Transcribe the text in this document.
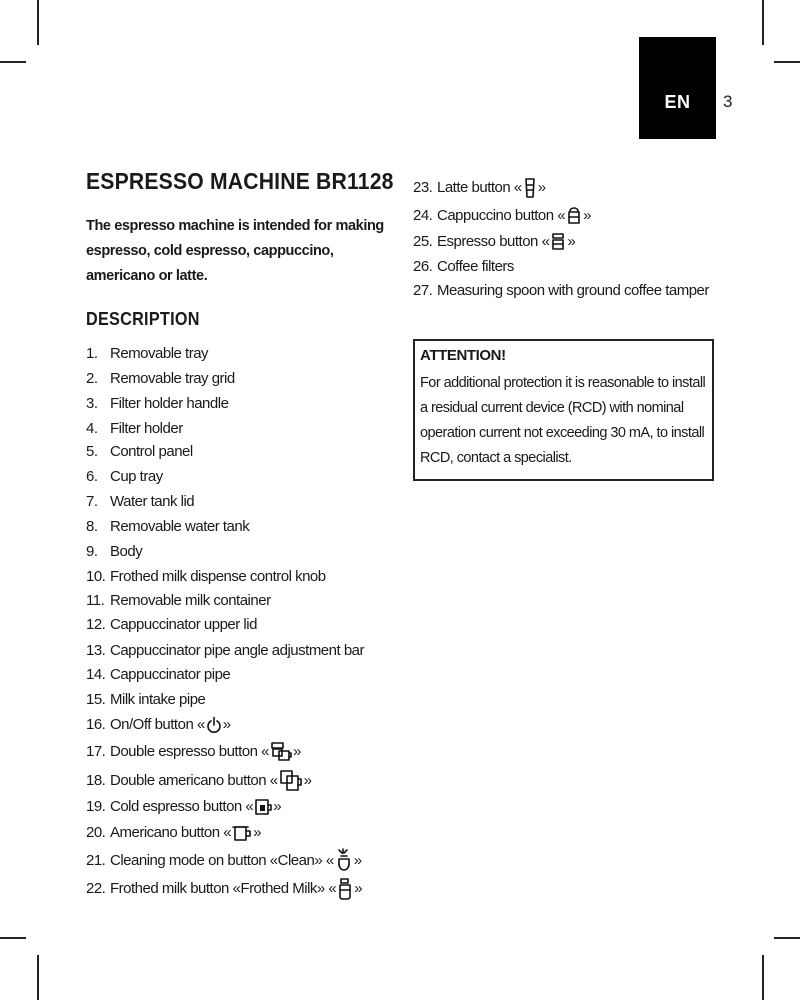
EN	3
ESPRESSO MACHINE BR1128

The espresso machine is intended for making espresso, cold espresso, cappuccino, americano or latte.

DESCRIPTION
1. Removable tray
2. Removable tray grid
3. Filter holder handle
4. Filter holder
5. Control panel
6. Cup tray
7. Water tank lid
8. Removable water tank
9. Body
10. Frothed milk dispense control knob
11. Removable milk container
12. Cappuccinator upper lid
13. Cappuccinator pipe angle adjustment bar
14. Cappuccinator pipe
15. Milk intake pipe
16. On/Off button « »
17. Double espresso button « »
18. Double americano button « »
19. Cold espresso button « »
20. Americano button « »
21. Cleaning mode on button «Clean» « »
22. Frothed milk button «Frothed Milk» « »
23. Latte button « »
24. Cappuccino button « »
25. Espresso button « »
26. Coffee filters
27. Measuring spoon with ground coffee tamper

ATTENTION!

For additional protection it is reasonable to install a residual current device (RCD) with nominal operation current not exceeding 30 mA, to install RCD, contact a specialist.
